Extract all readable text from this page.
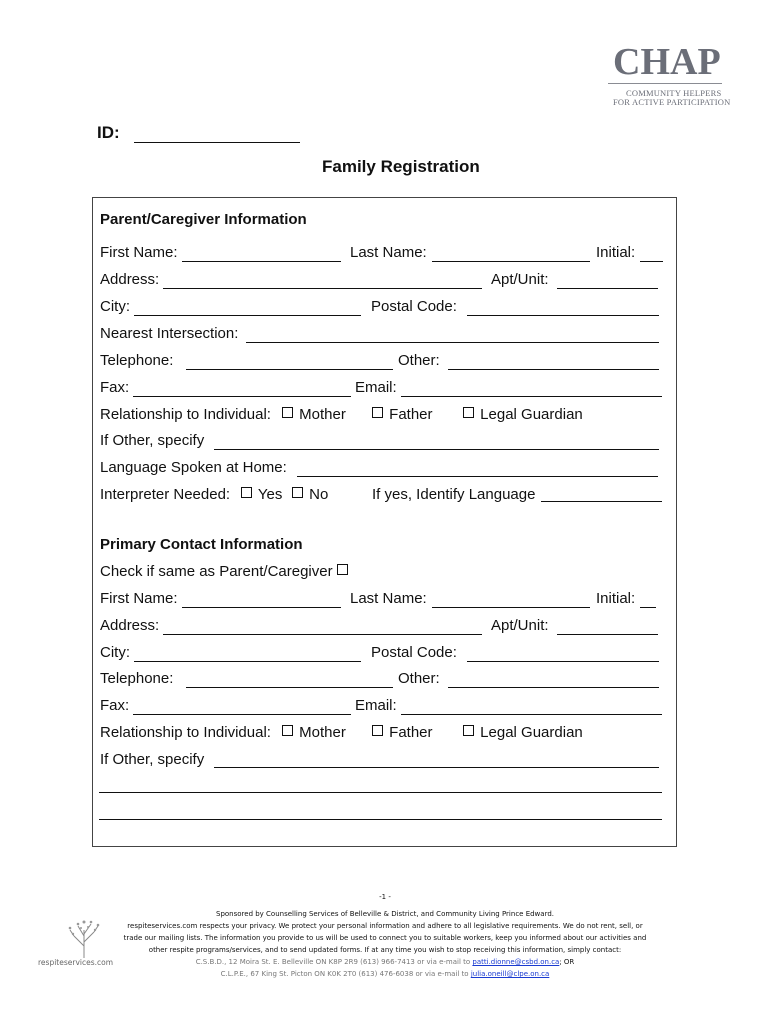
CHAP
COMMUNITY HELPERS
FOR ACTIVE PARTICIPATION
ID:
Family Registration
Parent/Caregiver Information
First Name:	Last Name:	Initial:
Address:	Apt/Unit:
City:	Postal Code:
Nearest Intersection:
Telephone:	Other:
Fax:	Email:
Relationship to Individual:	Mother	Father	Legal Guardian
If Other, specify
Language Spoken at Home:
Interpreter Needed:	Yes	No	If yes, Identify Language
Primary Contact Information
Check if same as Parent/Caregiver
First Name:	Last Name:	Initial:
Address:	Apt/Unit:
City:	Postal Code:
Telephone:	Other:
Fax:	Email:
Relationship to Individual:	Mother	Father	Legal Guardian
If Other, specify
-1 -
Sponsored by Counselling Services of Belleville & District, and Community Living Prince Edward.
respiteservices.com respects your privacy. We protect your personal information and adhere to all legislative requirements. We do not rent, sell, or
trade our mailing lists. The information you provide to us will be used to connect you to suitable workers, keep you informed about our activities and
other respite programs/services, and to send updated forms. If at any time you wish to stop receiving this information, simply contact:
C.S.B.D., 12 Moira St. E. Belleville ON K8P 2R9 (613) 966-7413 or via e-mail to patti.dionne@csbd.on.ca; OR
C.L.P.E., 67 King St. Picton ON K0K 2T0 (613) 476-6038 or via e-mail to julia.oneill@clpe.on.ca
respiteservices.com
